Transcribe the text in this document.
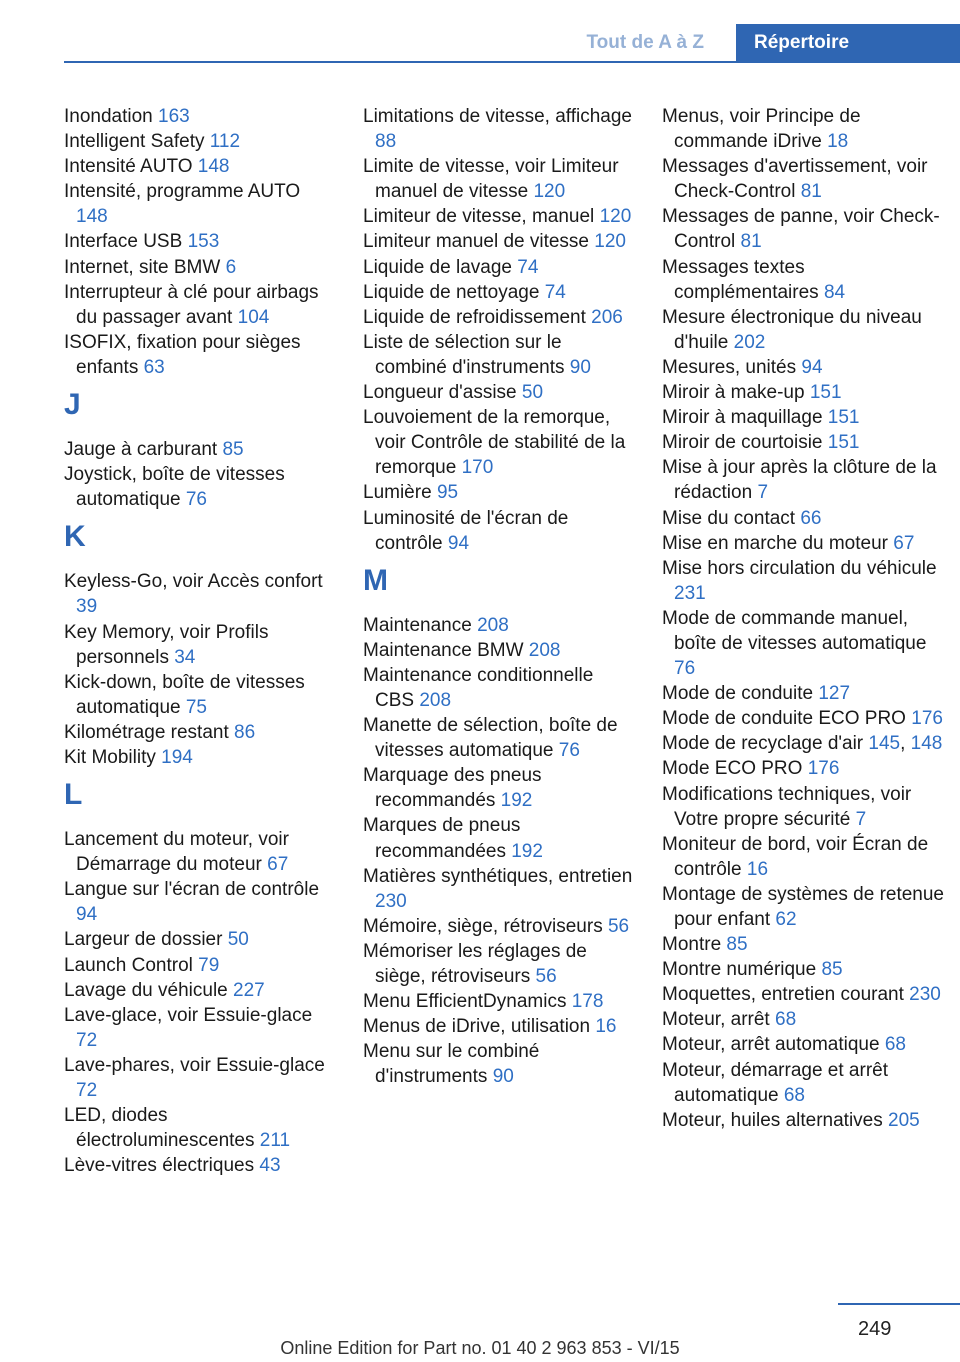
Tout de A à Z	Répertoire
Inondation 163
Intelligent Safety 112
Intensité AUTO 148
Intensité, programme AUTO 148
Interface USB 153
Internet, site BMW 6
Interrupteur à clé pour airbags du passager avant 104
ISOFIX, fixation pour sièges enfants 63
J
Jauge à carburant 85
Joystick, boîte de vitesses automatique 76
K
Keyless-Go, voir Accès confort 39
Key Memory, voir Profils personnels 34
Kick-down, boîte de vitesses automatique 75
Kilométrage restant 86
Kit Mobility 194
L
Lancement du moteur, voir Démarrage du moteur 67
Langue sur l'écran de contrôle 94
Largeur de dossier 50
Launch Control 79
Lavage du véhicule 227
Lave-glace, voir Essuie-glace 72
Lave-phares, voir Essuie-glace 72
LED, diodes électroluminescentes 211
Lève-vitres électriques 43
Limitations de vitesse, affichage 88
Limite de vitesse, voir Limiteur manuel de vitesse 120
Limiteur de vitesse, manuel 120
Limiteur manuel de vitesse 120
Liquide de lavage 74
Liquide de nettoyage 74
Liquide de refroidissement 206
Liste de sélection sur le combiné d'instruments 90
Longueur d'assise 50
Louvoiement de la remorque, voir Contrôle de stabilité de la remorque 170
Lumière 95
Luminosité de l'écran de contrôle 94
M
Maintenance 208
Maintenance BMW 208
Maintenance conditionnelle CBS 208
Manette de sélection, boîte de vitesses automatique 76
Marquage des pneus recommandés 192
Marques de pneus recommandées 192
Matières synthétiques, entretien 230
Mémoire, siège, rétroviseurs 56
Mémoriser les réglages de siège, rétroviseurs 56
Menu EfficientDynamics 178
Menus de iDrive, utilisation 16
Menu sur le combiné d'instruments 90
Menus, voir Principe de commande iDrive 18
Messages d'avertissement, voir Check-Control 81
Messages de panne, voir Check-Control 81
Messages textes complémentaires 84
Mesure électronique du niveau d'huile 202
Mesures, unités 94
Miroir à make-up 151
Miroir à maquillage 151
Miroir de courtoisie 151
Mise à jour après la clôture de la rédaction 7
Mise du contact 66
Mise en marche du moteur 67
Mise hors circulation du véhicule 231
Mode de commande manuel, boîte de vitesses automatique 76
Mode de conduite 127
Mode de conduite ECO PRO 176
Mode de recyclage d'air 145, 148
Mode ECO PRO 176
Modifications techniques, voir Votre propre sécurité 7
Moniteur de bord, voir Écran de contrôle 16
Montage de systèmes de retenue pour enfant 62
Montre 85
Montre numérique 85
Moquettes, entretien courant 230
Moteur, arrêt 68
Moteur, arrêt automatique 68
Moteur, démarrage et arrêt automatique 68
Moteur, huiles alternatives 205
249
Online Edition for Part no. 01 40 2 963 853 - VI/15
